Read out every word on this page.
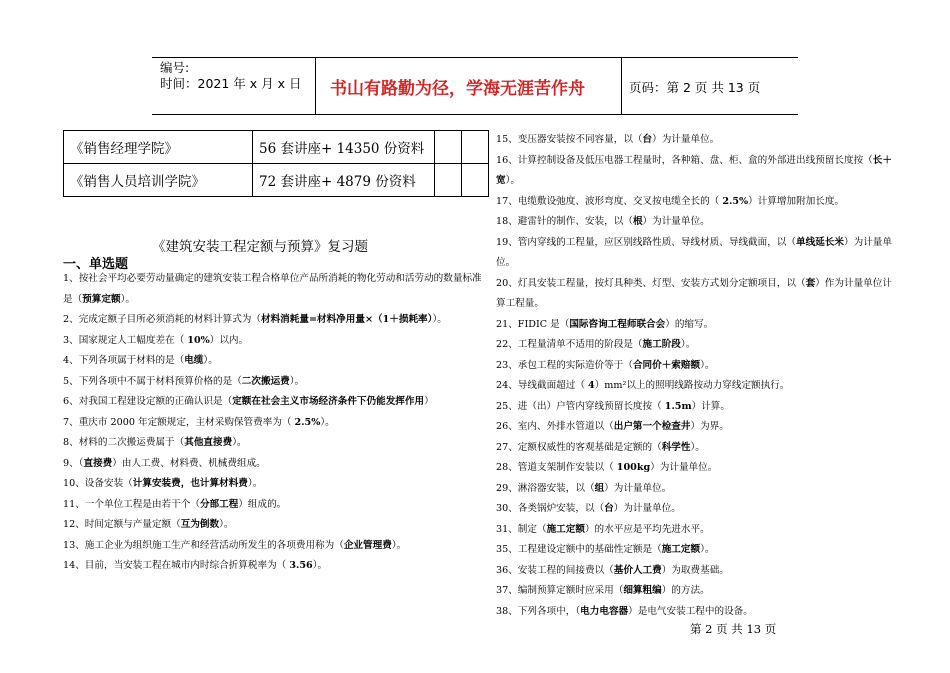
编号:
时间：2021 年 x 月 x 日 书山有路勤为径，学海无涯苦作舟	页码：第 2 页 共 13 页
《销售经理学院》	56 套讲座+ 14350 份资料		
《销售人员培训学院》	72 套讲座+ 4879 份资料		
《建筑安装工程定额与预算》复习题
一、单选题
1、按社会平均必要劳动量确定的建筑安装工程合格单位产品所消耗的物化劳动和活劳动的数量标准是（预算定额）。
2、完成定额子目所必须消耗的材料计算式为（材料消耗量=材料净用量×（1＋损耗率））。
3、国家规定人工幅度差在（ 10%）以内。
4、下列各项属于材料的是（电缆）。
5、下列各项中不属于材料预算价格的是（二次搬运费）。
6、对我国工程建设定额的正确认识是（定额在社会主义市场经济条件下仍能发挥作用）
7、重庆市 2000 年定额规定，主材采购保管费率为（ 2.5%）。
8、材料的二次搬运费属于（其他直接费）。
9、（直接费）由人工费、材料费、机械费组成。
10、设备安装（计算安装费，也计算材料费）。
11、一个单位工程是由若干个（分部工程）组成的。
12、时间定额与产量定额（互为倒数）。
13、施工企业为组织施工生产和经营活动所发生的各项费用称为（企业管理费）。
14、目前，当安装工程在城市内时综合折算税率为（ 3.56）。
15、变压器安装按不同容量，以（台）为计量单位。
16、计算控制设备及低压电器工程量时，各种箱、盘、柜、盒的外部进出线预留长度按（长＋宽）。
17、电缆敷设弛度、波形弯度、交叉按电缆全长的（ 2.5%）计算增加附加长度。
18、避雷针的制作、安装，以（根）为计量单位。
19、管内穿线的工程量，应区别线路性质、导线材质、导线截面，以（单线延长米）为计量单位。
20、灯具安装工程量，按灯具种类、灯型、安装方式划分定额项目，以（套）作为计量单位计算工程量。
21、FIDIC 是（国际咨询工程师联合会）的缩写。
22、工程量清单不适用的阶段是（施工阶段）。
23、承包工程的实际造价等于（合同价＋索赔额）。
24、导线截面超过（ 4）mm²以上的照明线路按动力穿线定额执行。
25、进（出）户管内穿线预留长度按（ 1.5m）计算。
26、室内、外排水管道以（出户第一个检查井）为界。
27、定额权威性的客观基础是定额的（科学性）。
28、管道支架制作安装以（ 100kg）为计量单位。
29、淋浴器安装，以（组）为计量单位。
30、各类锅炉安装，以（台）为计量单位。
31、制定（施工定额）的水平应是平均先进水平。
35、工程建设定额中的基础性定额是（施工定额）。
36、安装工程的间接费以（基价人工费）为取费基础。
37、编制预算定额时应采用（细算粗编）的方法。
38、下列各项中，（电力电容器）是电气安装工程中的设备。
第 2 页 共 13 页
